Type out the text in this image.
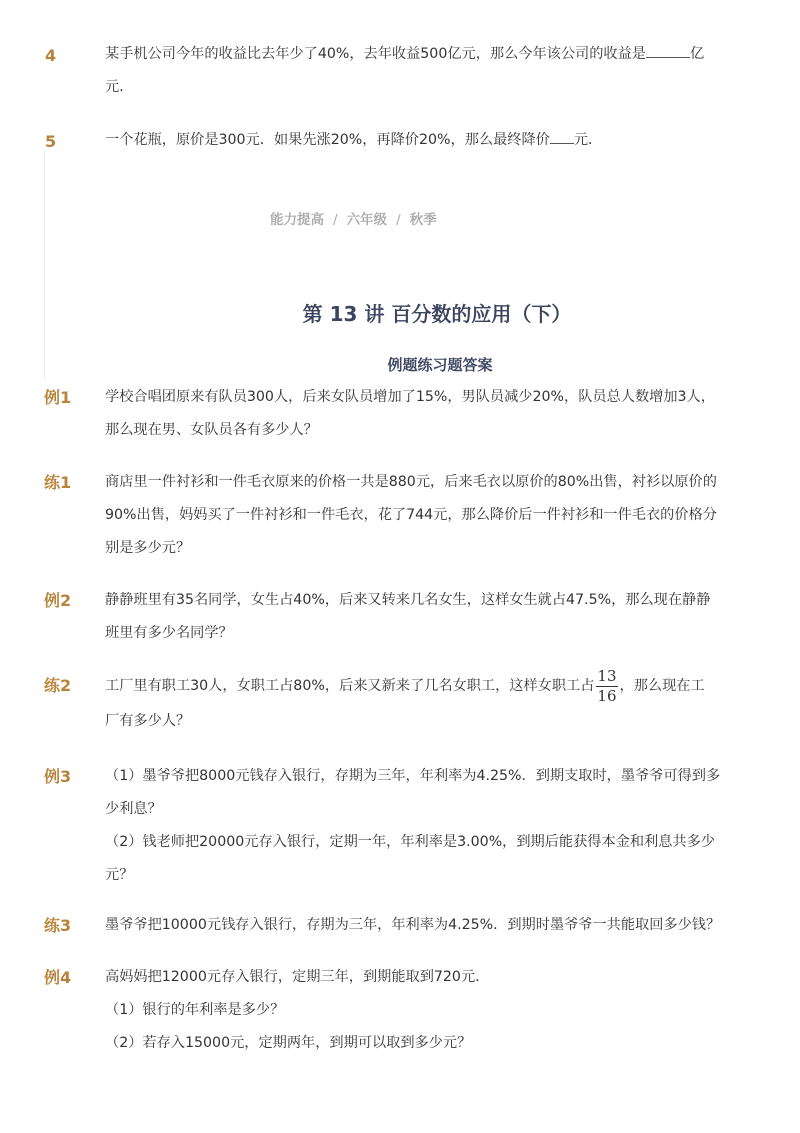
4	某手机公司今年的收益比去年少了40%，去年收益500亿元，那么今年该公司的收益是	亿
元．
5	一个花瓶，原价是300元．如果先涨20%，再降价20%，那么最终降价 元．
能力提高 / 六年级 / 秋季
第 13 讲 百分数的应用（下）
例题练习题答案
例1 学校合唱团原来有队员300人，后来女队员增加了15%，男队员减少20%，队员总人数增加3人，
那么现在男、女队员各有多少人？
练1 商店里一件衬衫和一件毛衣原来的价格一共是880元，后来毛衣以原价的80%出售，衬衫以原价的
90%出售，妈妈买了一件衬衫和一件毛衣，花了744元，那么降价后一件衬衫和一件毛衣的价格分
别是多少元？
例2 静静班里有35名同学，女生占40%，后来又转来几名女生，这样女生就占47.5%，那么现在静静
班里有多少名同学？
练2 工厂里有职工30人，女职工占80%，后来又新来了几名女职工，这样女职工占 $\frac{13}{16}$ ，那么现在工
厂有多少人？
例3 （1）墨爷爷把8000元钱存入银行，存期为三年，年利率为4.25%．到期支取时，墨爷爷可得到多
少利息？
（2）钱老师把20000元存入银行，定期一年，年利率是3.00%，到期后能获得本金和利息共多少
元？
练3 墨爷爷把10000元钱存入银行，存期为三年，年利率为4.25%．到期时墨爷爷一共能取回多少钱？
例4 高妈妈把12000元存入银行，定期三年，到期能取到720元．
（1）银行的年利率是多少？
（2）若存入15000元，定期两年，到期可以取到多少元？
